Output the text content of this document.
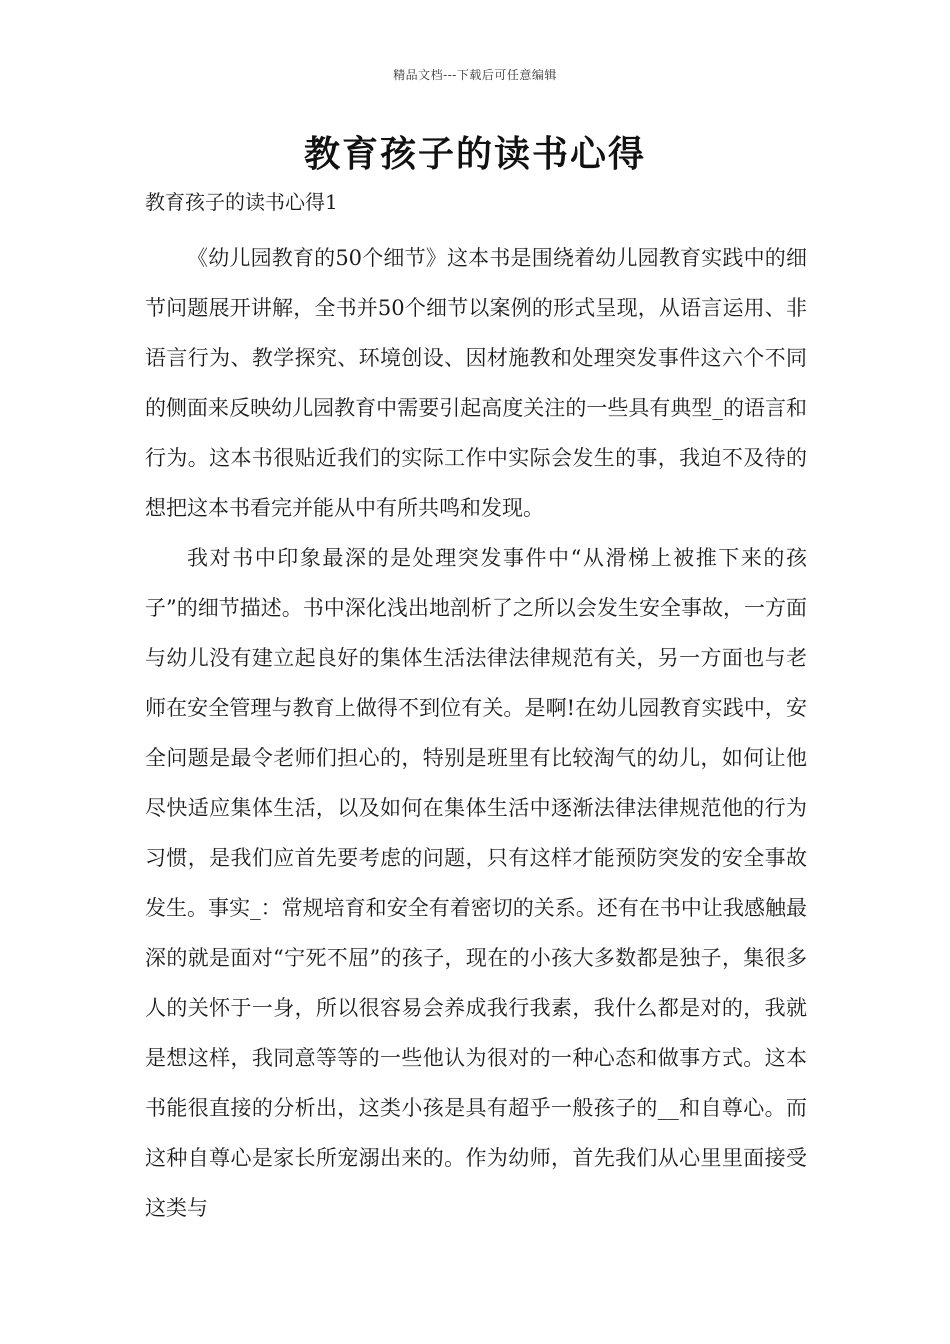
精品文档---下载后可任意编辑
教育孩子的读书心得
教育孩子的读书心得1

《幼儿园教育的50个细节》这本书是围绕着幼儿园教育实践中的细节问题展开讲解，全书并50个细节以案例的形式呈现，从语言运用、非语言行为、教学探究、环境创设、因材施教和处理突发事件这六个不同的侧面来反映幼儿园教育中需要引起高度关注的一些具有典型_的语言和行为。这本书很贴近我们的实际工作中实际会发生的事，我迫不及待的想把这本书看完并能从中有所共鸣和发现。

我对书中印象最深的是处理突发事件中“从滑梯上被推下来的孩子”的细节描述。书中深化浅出地剖析了之所以会发生安全事故，一方面与幼儿没有建立起良好的集体生活法律法律规范有关，另一方面也与老师在安全管理与教育上做得不到位有关。是啊!在幼儿园教育实践中，安全问题是最令老师们担心的，特别是班里有比较淘气的幼儿，如何让他尽快适应集体生活，以及如何在集体生活中逐渐法律法律规范他的行为习惯，是我们应首先要考虑的问题，只有这样才能预防突发的安全事故发生。事实_：常规培育和安全有着密切的关系。还有在书中让我感触最深的就是面对“宁死不屈”的孩子，现在的小孩大多数都是独子，集很多人的关怀于一身，所以很容易会养成我行我素，我什么都是对的，我就是想这样，我同意等等的一些他认为很对的一种心态和做事方式。这本书能很直接的分析出，这类小孩是具有超乎一般孩子的__和自尊心。而这种自尊心是家长所宠溺出来的。作为幼师，首先我们从心里里面接受这类与
